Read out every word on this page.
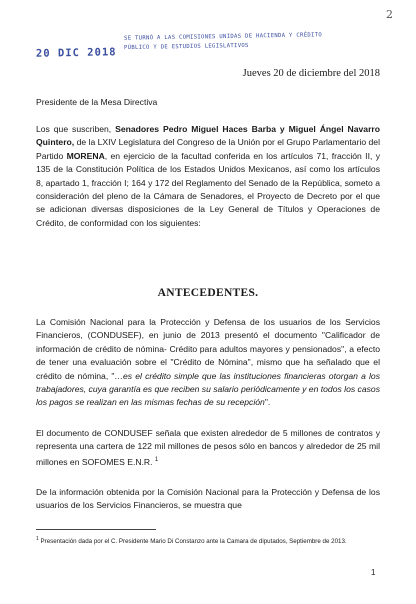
2
20 DIC 2018
SE TURNÓ A LAS COMISIONES UNIDAS DE HACIENDA Y CRÉDITO
PÚBLICO Y DE ESTUDIOS LEGISLATIVOS
Jueves 20 de diciembre del 2018
Presidente de la Mesa Directiva
Los que suscriben, Senadores Pedro Miguel Haces Barba y Miguel Ángel Navarro Quintero, de la LXIV Legislatura del Congreso de la Unión por el Grupo Parlamentario del Partido MORENA, en ejercicio de la facultad conferida en los artículos 71, fracción II, y 135 de la Constitución Política de los Estados Unidos Mexicanos, así como los artículos 8, apartado 1, fracción I; 164 y 172 del Reglamento del Senado de la República, someto a consideración del pleno de la Cámara de Senadores, el Proyecto de Decreto por el que se adicionan diversas disposiciones de la Ley General de Títulos y Operaciones de Crédito, de conformidad con los siguientes:
ANTECEDENTES.
La Comisión Nacional para la Protección y Defensa de los usuarios de los Servicios Financieros, (CONDUSEF), en junio de 2013 presentó el documento "Calificador de información de crédito de nómina- Crédito para adultos mayores y pensionados", a efecto de tener una evaluación sobre el "Crédito de Nómina", mismo que ha señalado que el crédito de nómina, "…es el crédito simple que las instituciones financieras otorgan a los trabajadores, cuya garantía es que reciben su salario periódicamente y en todos los casos los pagos se realizan en las mismas fechas de su recepción".
El documento de CONDUSEF señala que existen alrededor de 5 millones de contratos y representa una cartera de 122 mil millones de pesos sólo en bancos y alrededor de 25 mil millones en SOFOMES E.N.R. $^1$
De la información obtenida por la Comisión Nacional para la Protección y Defensa de los usuarios de los Servicios Financieros, se muestra que
$^1$ Presentación dada por el C. Presidente Mario Di Constanzo ante la Camara de diputados, Septiembre de 2013.
1
